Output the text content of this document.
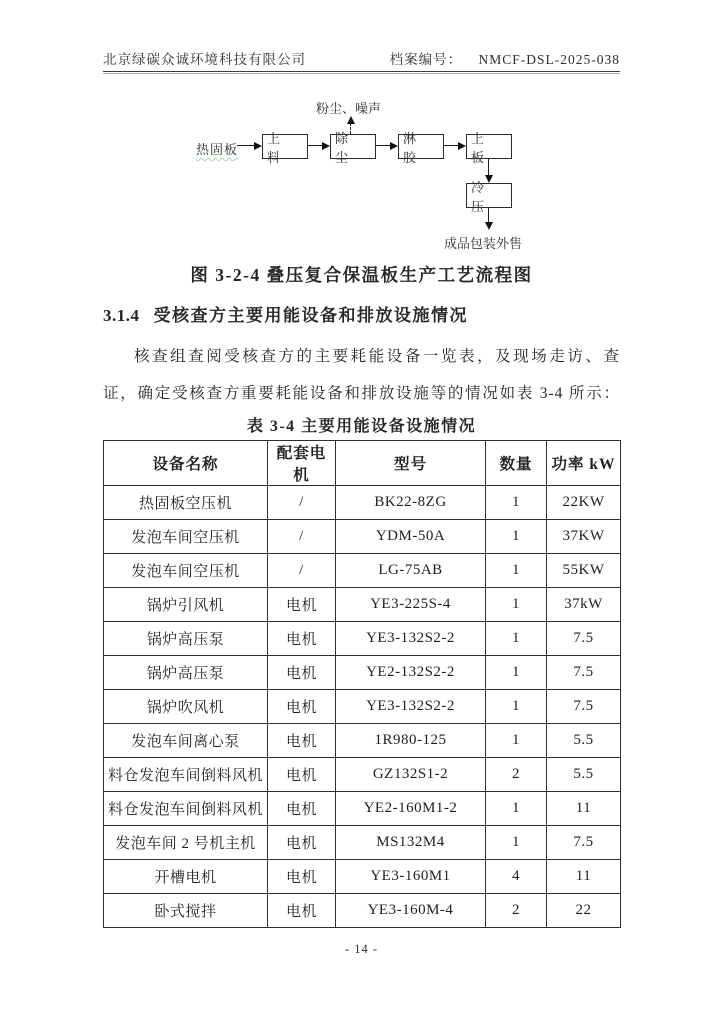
北京绿碳众诚环境科技有限公司	档案编号： NMCF-DSL-2025-038
粉尘、噪声
热固板
上 料
除 尘
淋 胶
上 板
冷 压
成品包装外售
图 3-2-4 叠压复合保温板生产工艺流程图
3.1.4 受核查方主要用能设备和排放设施情况
核查组查阅受核查方的主要耗能设备一览表，及现场走访、查
证，确定受核查方重要耗能设备和排放设施等的情况如表 3-4 所示：
表 3-4 主要用能设备设施情况
设备名称	配套电机	型号	数量	功率 kW
热固板空压机	/	BK22-8ZG	1	22KW
发泡车间空压机	/	YDM-50A	1	37KW
发泡车间空压机	/	LG-75AB	1	55KW
锅炉引风机	电机	YE3-225S-4	1	37kW
锅炉高压泵	电机	YE3-132S2-2	1	7.5
锅炉高压泵	电机	YE2-132S2-2	1	7.5
锅炉吹风机	电机	YE3-132S2-2	1	7.5
发泡车间离心泵	电机	1R980-125	1	5.5
料仓发泡车间倒料风机	电机	GZ132S1-2	2	5.5
料仓发泡车间倒料风机	电机	YE2-160M1-2	1	11
发泡车间 2 号机主机	电机	MS132M4	1	7.5
开槽电机	电机	YE3-160M1	4	11
卧式搅拌	电机	YE3-160M-4	2	22
- 14 -
